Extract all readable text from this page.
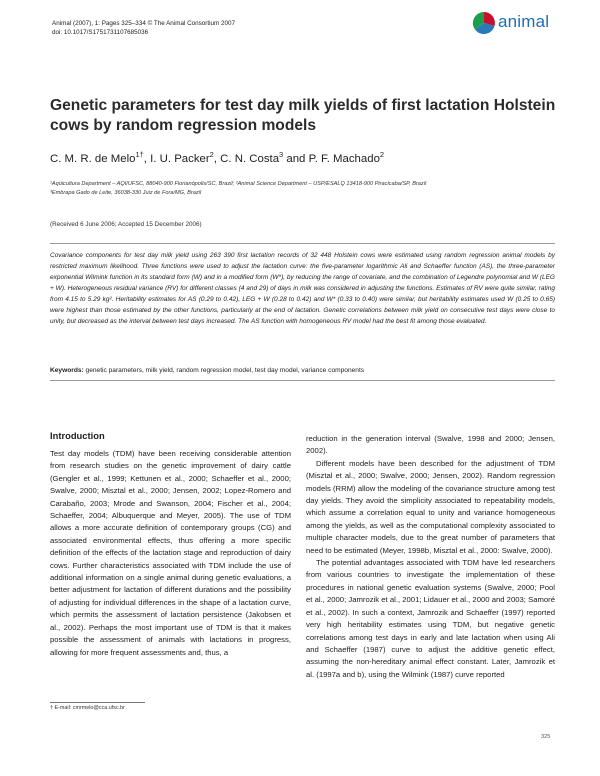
Animal (2007), 1: Pages 325–334 © The Animal Consortium 2007
doi: 10.1017/S1751731107685036
animal
Genetic parameters for test day milk yields of first lactation Holstein cows by random regression models
C. M. R. de Melo$^{1\dagger}$, I. U. Packer$^2$, C. N. Costa$^3$ and P. F. Machado$^2$
¹Aqüicultura Department – AQI/UFSC, 88040-900 Florianópolis/SC, Brazil; ²Animal Science Department – USP/ESALQ 13418-900 Piracicaba/SP, Brazil
³Embrapa Gado de Leite, 36038-330 Juiz de Fora/MG, Brazil
(Received 6 June 2006; Accepted 15 December 2006)
Covariance components for test day milk yield using 263 390 first lactation records of 32 448 Holstein cows were estimated using random regression animal models by restricted maximum likelihood. Three functions were used to adjust the lactation curve: the five-parameter logarithmic Ali and Schaeffer function (AS), the three-parameter exponential Wilmink function in its standard form (W) and in a modified form (W*), by reducing the range of covariate, and the combination of Legendre polynomial and W (LEG + W). Heterogeneous residual variance (RV) for different classes (4 and 29) of days in milk was considered in adjusting the functions. Estimates of RV were quite similar, rating from 4.15 to 5.29 kg². Heritability estimates for AS (0.29 to 0.42), LEG + W (0.28 to 0.42) and W* (0.33 to 0.40) were similar, but heritability estimates used W (0.25 to 0.65) were highest than those estimated by the other functions, particularly at the end of lactation. Genetic correlations between milk yield on consecutive test days were close to unity, but decreased as the interval between test days increased. The AS function with homogeneous RV model had the best fit among those evaluated.
Keywords: genetic parameters, milk yield, random regression model, test day model, variance components
Introduction

Test day models (TDM) have been receiving considerable attention from research studies on the genetic improvement of dairy cattle (Gengler et al., 1999; Kettunen et al., 2000; Schaeffer et al., 2000; Swalve, 2000; Misztal et al., 2000; Jensen, 2002; Lopez-Romero and Carabaño, 2003; Mrode and Swanson, 2004; Fischer et al., 2004; Schaeffer, 2004; Albuquerque and Meyer, 2005). The use of TDM allows a more accurate definition of contemporary groups (CG) and associated environmental effects, thus offering a more specific definition of the effects of the lactation stage and reproduction of dairy cows. Further characteristics associated with TDM include the use of additional information on a single animal during genetic evaluations, a better adjustment for lactation of different durations and the possibility of adjusting for individual differences in the shape of a lactation curve, which permits the assessment of lactation persistence (Jakobsen et al., 2002). Perhaps the most important use of TDM is that it makes possible the assessment of animals with lactations in progress, allowing for more frequent assessments and, thus, a

reduction in the generation interval (Swalve, 1998 and 2000; Jensen, 2002).

Different models have been described for the adjustment of TDM (Misztal et al., 2000; Swalve, 2000; Jensen, 2002). Random regression models (RRM) allow the modeling of the covariance structure among test day yields. They avoid the simplicity associated to repeatability models, which assume a correlation equal to unity and variance homogeneous among the yields, as well as the computational complexity associated to multiple character models, due to the great number of parameters that need to be estimated (Meyer, 1998b, Misztal et al., 2000: Swalve, 2000).

The potential advantages associated with TDM have led researchers from various countries to investigate the implementation of these procedures in national genetic evaluation systems (Swalve, 2000; Pool et al., 2000; Jamrozik et al., 2001; Lidauer et al., 2000 and 2003; Samoré et al., 2002). In such a context, Jamrozik and Schaeffer (1997) reported very high heritability estimates using TDM, but negative genetic correlations among test days in early and late lactation when using Ali and Schaeffer (1987) curve to adjust the additive genetic effect, assuming the non-hereditary animal effect constant. Later, Jamrozik et al. (1997a and b), using the Wilmink (1987) curve reported

† E-mail: cmrmelo@cca.ufsc.br
325
